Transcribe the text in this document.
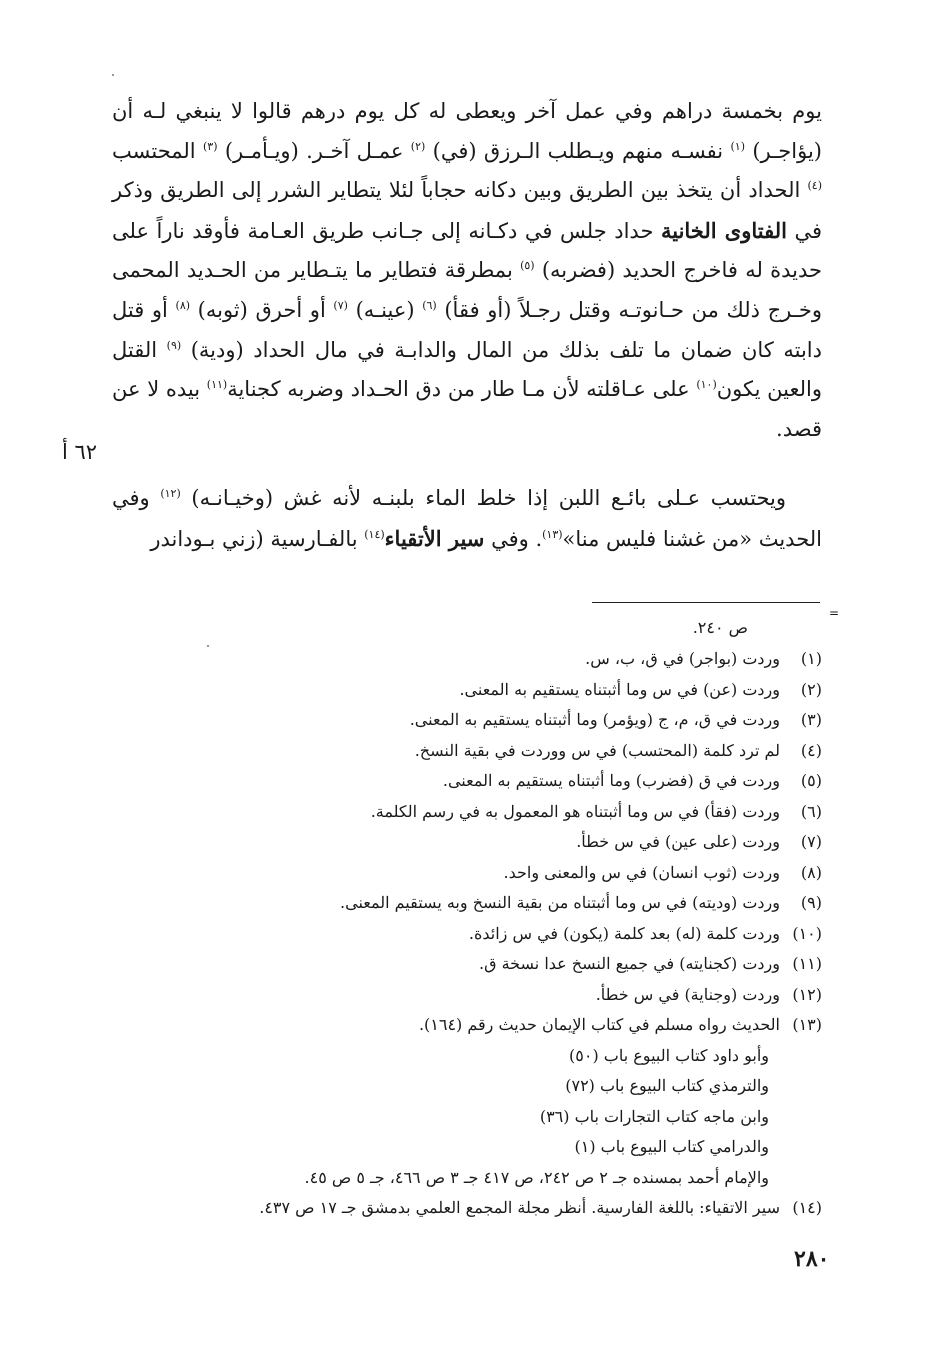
يوم بخمسة دراهم وفي عمل آخر ويعطى له كل يوم درهم قالوا لا ينبغي لـه أن (يؤاجـر) $^{(١)}$ نفسـه منهم ويـطلب الـرزق (في) $^{(٢)}$ عمـل آخـر. (ويـأمـر) $^{(٣)}$ المحتسب $^{(٤)}$ الحداد أن يتخذ بين الطريق وبين دكانه حجاباً لئلا يتطاير الشرر إلى الطريق وذكر في الفتاوى الخانية حداد جلس في دكـانه إلى جـانب طريق العـامة فأوقد ناراً على حديدة له فاخرج الحديد (فضربه) $^{(٥)}$ بمطرقة فتطاير ما يتـطاير من الحـديد المحمى وخـرج ذلك من حـانوتـه وقتل رجـلاً (أو فقأ) $^{(٦)}$ (عينـه) $^{(٧)}$ أو أحرق (ثوبه) $^{(٨)}$ أو قتل دابته كان ضمان ما تلف بذلك من المال والدابـة في مال الحداد (ودية) $^{(٩)}$ القتل والعين يكون$^{(١٠)}$ على عـاقلته لأن مـا طار من دق الحـداد وضربه كجناية$^{(١١)}$ بيده لا عن قصد.

ويحتسب عـلى بائـع اللبن إذا خلط الماء بلبنـه لأنه غش (وخيـانـه) $^{(١٢)}$ وفي الحديث «من غشنا فليس منا»$^{(١٣)}$. وفي سير الأتقياء$^{(١٤)}$ بالفـارسية (زني بـوداندر

٦٢ أ
=
ص ٢٤٠.
(١)
وردت (بواجر) في ق، ب، س.
(٢)
وردت (عن) في س وما أثبتناه يستقيم به المعنى.
(٣)
وردت في ق، م، ج (ويؤمر) وما أثبتناه يستقيم به المعنى.
(٤)
لم ترد كلمة (المحتسب) في س ووردت في بقية النسخ.
(٥)
وردت في ق (فضرب) وما أثبتناه يستقيم به المعنى.
(٦)
وردت (فقأ) في س وما أثبتناه هو المعمول به في رسم الكلمة.
(٧)
وردت (على عين) في س خطأ.
(٨)
وردت (ثوب انسان) في س والمعنى واحد.
(٩)
وردت (وديته) في س وما أثبتناه من بقية النسخ وبه يستقيم المعنى.
(١٠)
وردت كلمة (له) بعد كلمة (يكون) في س زائدة.
(١١)
وردت (كجنايته) في جميع النسخ عدا نسخة ق.
(١٢)
وردت (وجناية) في س خطأ.
(١٣)
الحديث رواه مسلم في كتاب الإيمان حديث رقم (١٦٤).
وأبو داود كتاب البيوع باب (٥٠)
والترمذي كتاب البيوع باب (٧٢)
وابن ماجه كتاب التجارات باب (٣٦)
والدرامي كتاب البيوع باب (١)
والإمام أحمد بمسنده جـ ٢ ص ٢٤٢، ص ٤١٧ جـ ٣ ص ٤٦٦، جـ ٥ ص ٤٥.
(١٤)
سير الاتقياء: باللغة الفارسية. أنظر مجلة المجمع العلمي بدمشق جـ ١٧ ص ٤٣٧.
٢٨٠
